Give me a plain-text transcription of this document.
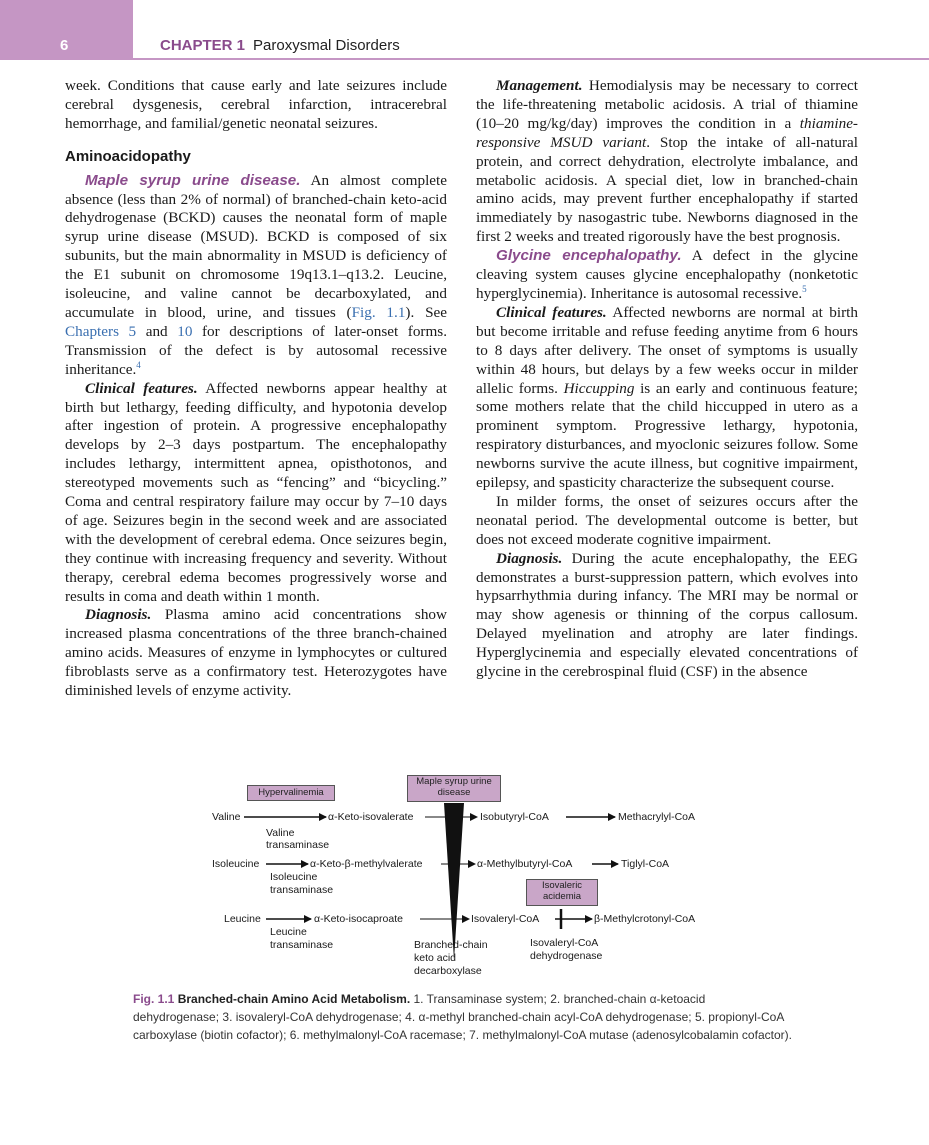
6	CHAPTER 1 Paroxysmal Disorders

week. Conditions that cause early and late seizures include cerebral dysgenesis, cerebral infarction, intracerebral hemorrhage, and familial/genetic neonatal seizures.

Aminoacidopathy

Maple syrup urine disease. An almost complete absence (less than 2% of normal) of branched-chain keto-acid dehydrogenase (BCKD) causes the neonatal form of maple syrup urine disease (MSUD). BCKD is composed of six subunits, but the main abnormality in MSUD is deficiency of the E1 subunit on chromosome 19q13.1–q13.2. Leucine, isoleucine, and valine cannot be decarboxylated, and accumulate in blood, urine, and tissues (Fig. 1.1). See Chapters 5 and 10 for descriptions of later-onset forms. Transmission of the defect is by autosomal recessive inheritance.$^4$

Clinical features. Affected newborns appear healthy at birth but lethargy, feeding difficulty, and hypotonia develop after ingestion of protein. A progressive encephalopathy develops by 2–3 days postpartum. The encephalopathy includes lethargy, intermittent apnea, opisthotonos, and stereotyped movements such as “fencing” and “bicycling.” Coma and central respiratory failure may occur by 7–10 days of age. Seizures begin in the second week and are associated with the development of cerebral edema. Once seizures begin, they continue with increasing frequency and severity. Without therapy, cerebral edema becomes progressively worse and results in coma and death within 1 month.

Diagnosis. Plasma amino acid concentrations show increased plasma concentrations of the three branch-chained amino acids. Measures of enzyme in lymphocytes or cultured fibroblasts serve as a confirmatory test. Heterozygotes have diminished levels of enzyme activity.

Management. Hemodialysis may be necessary to correct the life-threatening metabolic acidosis. A trial of thiamine (10–20 mg/kg/day) improves the condition in a thiamine-responsive MSUD variant. Stop the intake of all-natural protein, and correct dehydration, electrolyte imbalance, and metabolic acidosis. A special diet, low in branched-chain amino acids, may prevent further encephalopathy if started immediately by nasogastric tube. Newborns diagnosed in the first 2 weeks and treated rigorously have the best prognosis.

Glycine encephalopathy. A defect in the glycine cleaving system causes glycine encephalopathy (nonketotic hyperglycinemia). Inheritance is autosomal recessive.$^5$

Clinical features. Affected newborns are normal at birth but become irritable and refuse feeding anytime from 6 hours to 8 days after delivery. The onset of symptoms is usually within 48 hours, but delays by a few weeks occur in milder allelic forms. Hiccupping is an early and continuous feature; some mothers relate that the child hiccupped in utero as a prominent symptom. Progressive lethargy, hypotonia, respiratory disturbances, and myoclonic seizures follow. Some newborns survive the acute illness, but cognitive impairment, epilepsy, and spasticity characterize the subsequent course.

In milder forms, the onset of seizures occurs after the neonatal period. The developmental outcome is better, but does not exceed moderate cognitive impairment.

Diagnosis. During the acute encephalopathy, the EEG demonstrates a burst-suppression pattern, which evolves into hypsarrhythmia during infancy. The MRI may be normal or may show agenesis or thinning of the corpus callosum. Delayed myelination and atrophy are later findings. Hyperglycinemia and especially elevated concentrations of glycine in the cerebrospinal fluid (CSF) in the absence

Hypervalinemia
Maple syrup urine
disease
Isovaleric
acidemia
Valine	α-Keto-isovalerate
Valine
transaminase
Isobutyryl-CoA	Methacrylyl-CoA
Isoleucine	α-Keto-β-methylvalerate
Isoleucine
transaminase
α-Methylbutyryl-CoA	Tiglyl-CoA
Leucine	α-Keto-isocaproate
Leucine
transaminase
Isovaleryl-CoA	β-Methylcrotonyl-CoA
Branched-chain
keto acid
decarboxylase
Isovaleryl-CoA
dehydrogenase
Fig. 1.1 Branched-chain Amino Acid Metabolism. 1. Transaminase system; 2. branched-chain α-ketoacid dehydrogenase; 3. isovaleryl-CoA dehydrogenase; 4. α-methyl branched-chain acyl-CoA dehydrogenase; 5. propionyl-CoA carboxylase (biotin cofactor); 6. methylmalonyl-CoA racemase; 7. methylmalonyl-CoA mutase (adenosylcobalamin cofactor).
